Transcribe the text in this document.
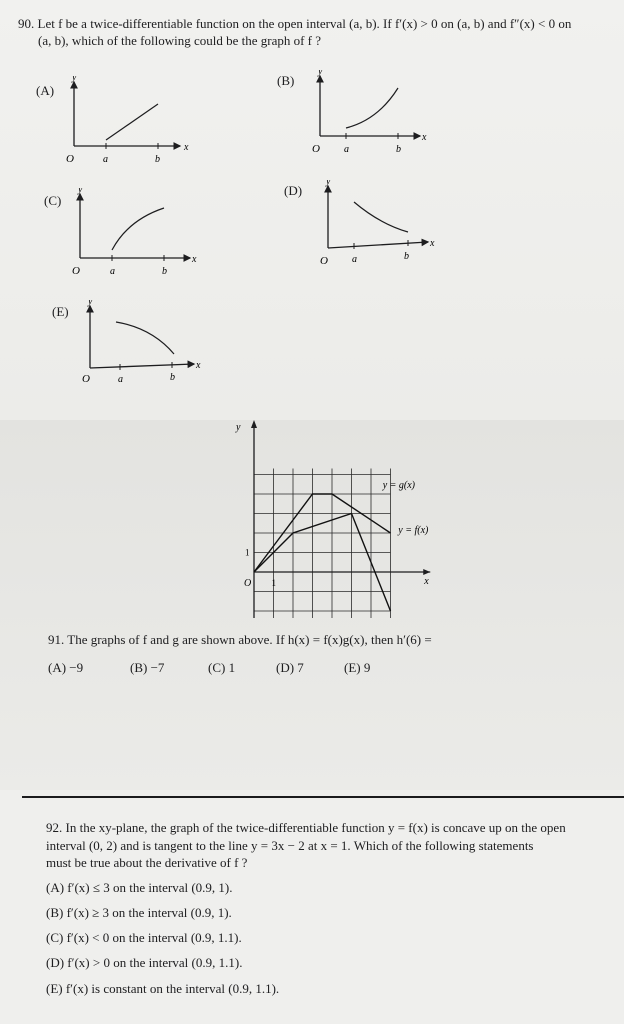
90. Let f be a twice-differentiable function on the open interval (a, b). If f′(x) > 0 on (a, b) and f″(x) < 0 on
(a, b), which of the following could be the graph of f ?
(A)
y
O	a	b
x
(B)
y
O a	b
x
(C)
y
O	a	b
x
(D)
y
O a	b
x
(E)
y
O	a	b
x
y
x
O 1
1
y = g(x)
y = f(x)
91. The graphs of f and g are shown above. If h(x) = f(x)g(x), then h′(6) =
(A) −9	(B) −7	(C) 1	(D) 7	(E) 9
92. In the xy-plane, the graph of the twice-differentiable function y = f(x) is concave up on the open
interval (0, 2) and is tangent to the line y = 3x − 2 at x = 1. Which of the following statements
must be true about the derivative of f ?
(A) f′(x) ≤ 3 on the interval (0.9, 1).
(B) f′(x) ≥ 3 on the interval (0.9, 1).
(C) f′(x) < 0 on the interval (0.9, 1.1).
(D) f′(x) > 0 on the interval (0.9, 1.1).
(E) f′(x) is constant on the interval (0.9, 1.1).
